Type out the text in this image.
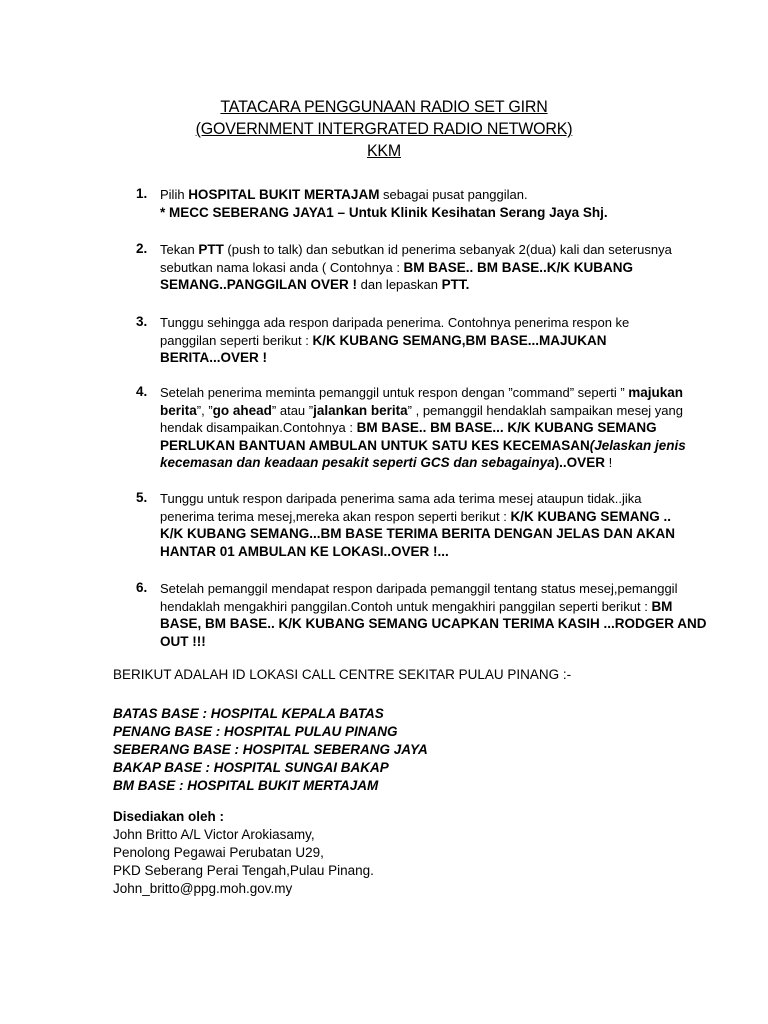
TATACARA PENGGUNAAN RADIO SET GIRN
(GOVERNMENT INTERGRATED RADIO NETWORK)
KKM
1. Pilih HOSPITAL BUKIT MERTAJAM sebagai pusat panggilan.
* MECC SEBERANG JAYA1 – Untuk Klinik Kesihatan Serang Jaya Shj.
2. Tekan PTT (push to talk) dan sebutkan id penerima sebanyak 2(dua) kali dan seterusnya
sebutkan nama lokasi anda ( Contohnya : BM BASE.. BM BASE..K/K KUBANG
SEMANG..PANGGILAN OVER ! dan lepaskan PTT.
3. Tunggu sehingga ada respon daripada penerima. Contohnya penerima respon ke
panggilan seperti berikut : K/K KUBANG SEMANG,BM BASE...MAJUKAN
BERITA...OVER !
4. Setelah penerima meminta pemanggil untuk respon dengan ”command” seperti ” majukan
berita”, ”go ahead” atau ”jalankan berita” , pemanggil hendaklah sampaikan mesej yang
hendak disampaikan.Contohnya : BM BASE.. BM BASE... K/K KUBANG SEMANG
PERLUKAN BANTUAN AMBULAN UNTUK SATU KES KECEMASAN(Jelaskan jenis
kecemasan dan keadaan pesakit seperti GCS dan sebagainya)..OVER !
5. Tunggu untuk respon daripada penerima sama ada terima mesej ataupun tidak..jika
penerima terima mesej,mereka akan respon seperti berikut : K/K KUBANG SEMANG ..
K/K KUBANG SEMANG...BM BASE TERIMA BERITA DENGAN JELAS DAN AKAN
HANTAR 01 AMBULAN KE LOKASI..OVER !...
6. Setelah pemanggil mendapat respon daripada pemanggil tentang status mesej,pemanggil
hendaklah mengakhiri panggilan.Contoh untuk mengakhiri panggilan seperti berikut : BM
BASE, BM BASE.. K/K KUBANG SEMANG UCAPKAN TERIMA KASIH ...RODGER AND
OUT !!!
BERIKUT ADALAH ID LOKASI CALL CENTRE SEKITAR PULAU PINANG :-
BATAS BASE : HOSPITAL KEPALA BATAS
PENANG BASE : HOSPITAL PULAU PINANG
SEBERANG BASE : HOSPITAL SEBERANG JAYA
BAKAP BASE : HOSPITAL SUNGAI BAKAP
BM BASE : HOSPITAL BUKIT MERTAJAM
Disediakan oleh :
John Britto A/L Victor Arokiasamy,
Penolong Pegawai Perubatan U29,
PKD Seberang Perai Tengah,Pulau Pinang.
John_britto@ppg.moh.gov.my
